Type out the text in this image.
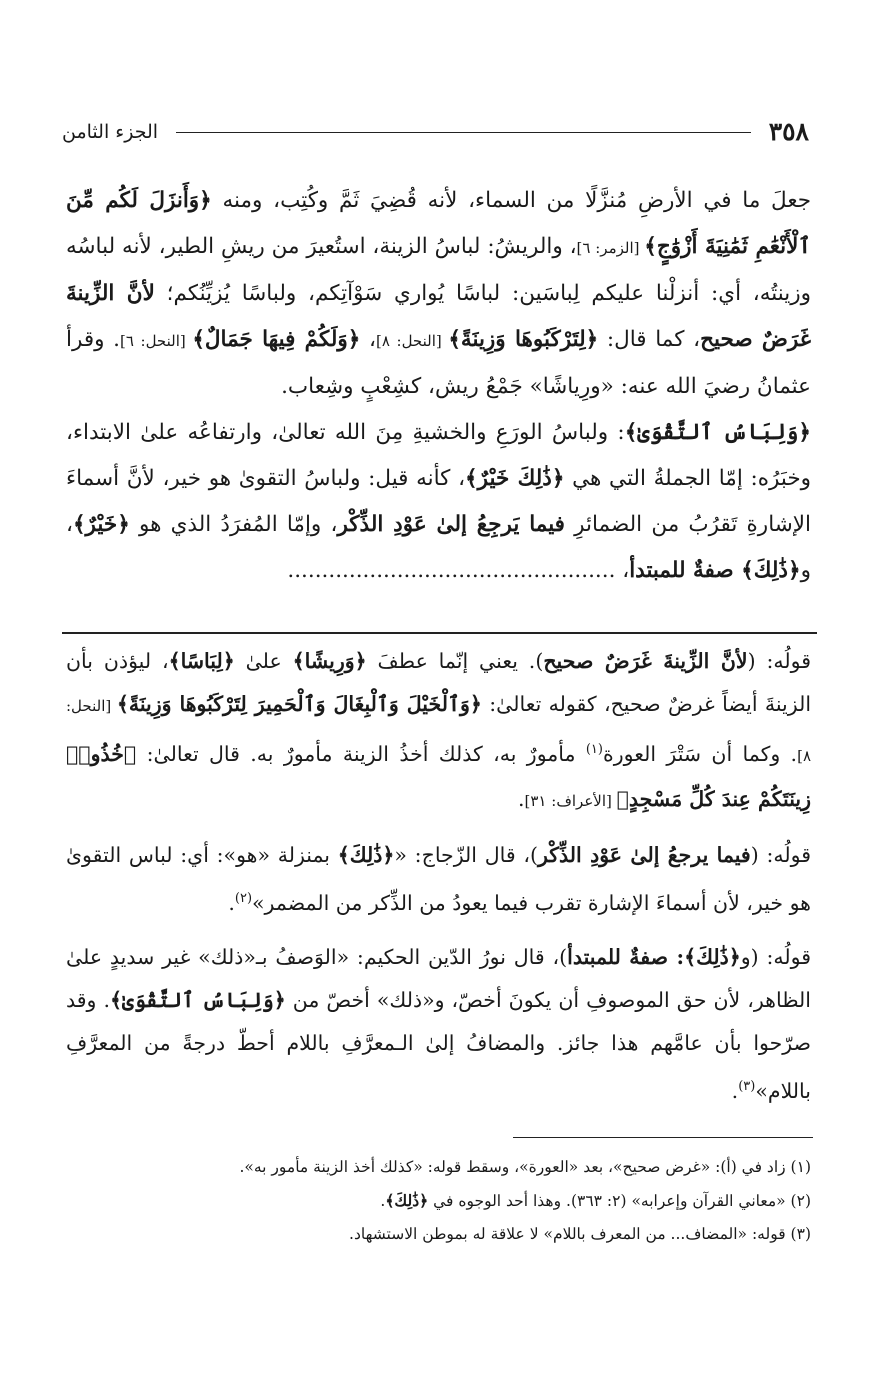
٣٥٨
الجزء الثامن

جعلَ ما في الأرضِ مُنزَّلًا من السماء، لأنه قُضِيَ ثَمَّ وكُتِب، ومنه ﴿وَأَنزَلَ لَكُم مِّنَ ٱلْأَنْعَٰمِ ثَمَٰنِيَةَ أَزْوَٰجٍ﴾ [الزمر: ٦]، والريشُ: لباسُ الزينة، استُعيرَ من ريشِ الطير، لأنه لباسُه وزينتُه، أي: أنزلْنا عليكم لِباسَين: لباسًا يُواري سَوْآتِكم، ولباسًا يُزيِّنُكم؛ لأنَّ الزِّينةَ غَرَضٌ صحيح، كما قال: ﴿لِتَرْكَبُوهَا وَزِينَةً﴾ [النحل: ٨]، ﴿وَلَكُمْ فِيهَا جَمَالٌ﴾ [النحل: ٦]. وقرأ عثمانُ رضيَ الله عنه: «ورِياشًا» جَمْعُ ريش، كشِعْبٍ وشِعاب.

﴿وَلِبَاسُ ٱلتَّقْوَىٰ﴾: ولباسُ الورَعِ والخشيةِ مِنَ الله تعالىٰ، وارتفاعُه علىٰ الابتداء، وخبَرُه: إمّا الجملةُ التي هي ﴿ذَٰلِكَ خَيْرٌ﴾، كأنه قيل: ولباسُ التقوىٰ هو خير، لأنَّ أسماءَ الإشارةِ تَقرُبُ من الضمائرِ فيما يَرجِعُ إلىٰ عَوْدِ الذِّكْر، وإمّا المُفرَدُ الذي هو ﴿خَيْرٌ﴾، و﴿ذَٰلِكَ﴾ صفةٌ للمبتدأ، ................................................

قولُه: (لأنَّ الزِّينةَ غَرَضٌ صحيح). يعني إنّما عطفَ ﴿وَرِيشًا﴾ علىٰ ﴿لِبَاسًا﴾، ليؤذن بأن الزينةَ أيضاً غرضٌ صحيح، كقوله تعالىٰ: ﴿وَٱلْخَيْلَ وَٱلْبِغَالَ وَٱلْحَمِيرَ لِتَرْكَبُوهَا وَزِينَةً﴾ [النحل: ٨]. وكما أن سَتْرَ العورة$^{(١)}$ مأمورٌ به، كذلك أخذُ الزينة مأمورٌ به. قال تعالىٰ: ﴿خُذُوا۟ زِينَتَكُمْ عِندَ كُلِّ مَسْجِدٍ﴾ [الأعراف: ٣١].

قولُه: (فيما يرجعُ إلىٰ عَوْدِ الذِّكْر)، قال الزّجاج: «﴿ذَٰلِكَ﴾ بمنزلة «هو»: أي: لباس التقوىٰ هو خير، لأن أسماءَ الإشارة تقرب فيما يعودُ من الذِّكر من المضمر»$^{(٢)}$.

قولُه: (و﴿ذَٰلِكَ﴾: صفةٌ للمبتدأ)، قال نورُ الدّين الحكيم: «الوَصفُ بـ«ذلك» غير سديدٍ علىٰ الظاهر، لأن حق الموصوفِ أن يكونَ أخصّ، و«ذلك» أخصّ من ﴿وَلِبَاسُ ٱلتَّقْوَىٰ﴾. وقد صرّحوا بأن عامَّهم هذا جائز. والمضافُ إلىٰ الـمعرَّفِ باللام أحطّ درجةً من المعرَّفِ باللام»$^{(٣)}$.

(١) زاد في (أ): «غرض صحيح»، بعد «العورة»، وسقط قوله: «كذلك أخذ الزينة مأمور به».

(٢) «معاني القرآن وإعرابه» (٢: ٣٦٣). وهذا أحد الوجوه في ﴿ذَٰلِكَ﴾.

(٣) قوله: «المضاف... من المعرف باللام» لا علاقة له بموطن الاستشهاد.
